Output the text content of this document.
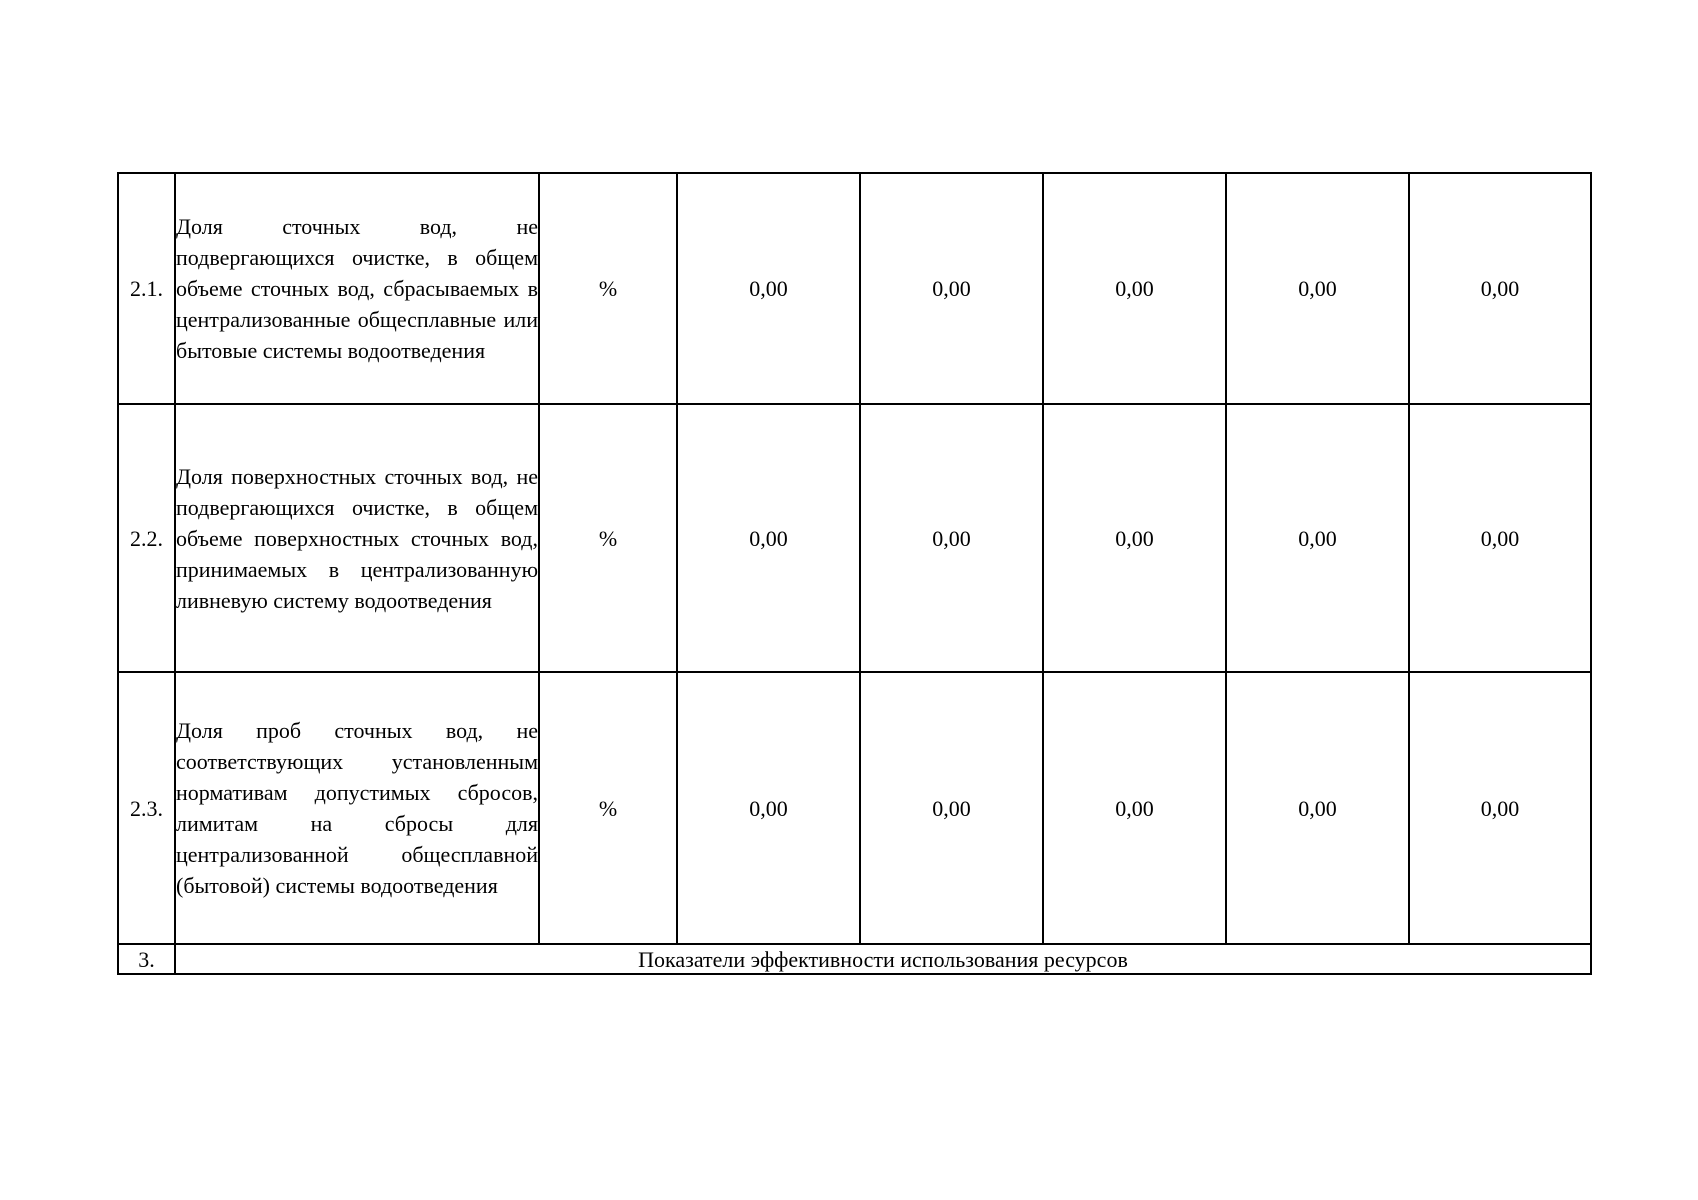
2.1.	Доля сточных вод, не подвергающихся очистке, в общем объеме сточных вод, сбрасываемых в централизованные общесплавные или бытовые системы водоотведения	%	0,00	0,00	0,00	0,00	0,00
2.2.	Доля поверхностных сточных вод, не подвергающихся очистке, в общем объеме поверхностных сточных вод, принимаемых в централизованную ливневую систему водоотведения	%	0,00	0,00	0,00	0,00	0,00
2.3.	Доля проб сточных вод, не соответствующих установленным нормативам допустимых сбросов, лимитам на сбросы для централизованной общесплавной (бытовой) системы водоотведения	%	0,00	0,00	0,00	0,00	0,00
3.	Показатели эффективности использования ресурсов						
